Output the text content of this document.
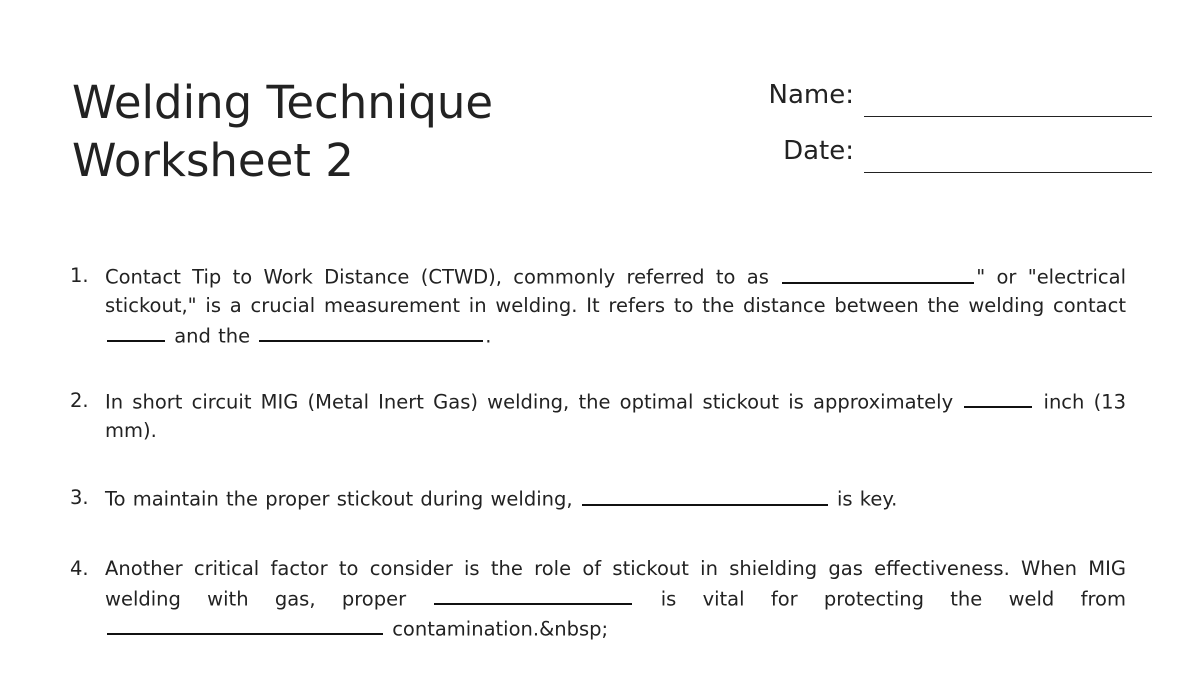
Welding Technique
Worksheet 2
Name:
Date:
1. Contact Tip to Work Distance (CTWD), commonly referred to as	" or "electrical stickout," is a crucial measurement in welding. It refers to the distance between the welding contact  and the	.
2. In short circuit MIG (Metal Inert Gas) welding, the optimal stickout is approximately	inch (13 mm).
3. To maintain the proper stickout during welding,	is key.
4. Another critical factor to consider is the role of stickout in shielding gas effectiveness. When MIG welding with gas, proper	is vital for protecting the weld from  contamination.&nbsp;
